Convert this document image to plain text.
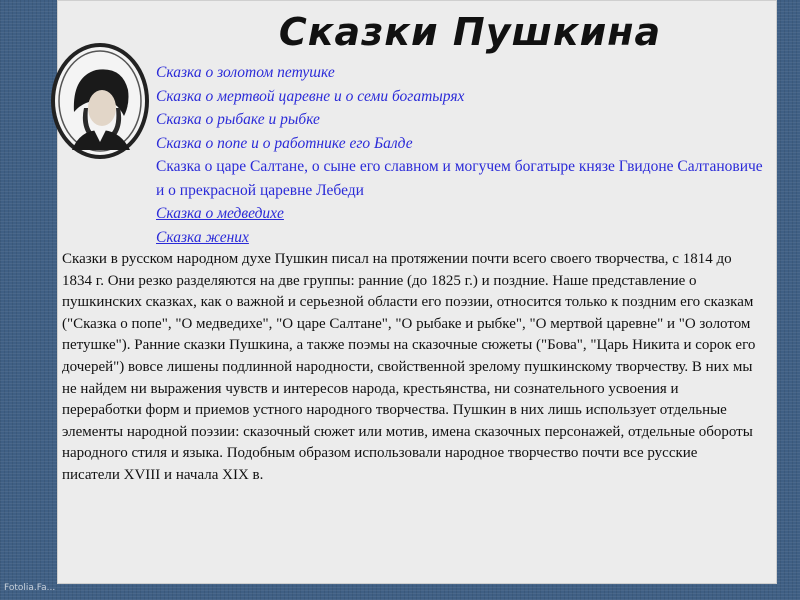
Сказки Пушкина
Сказка о золотом петушке
Сказка о мертвой царевне и о семи богатырях
Сказка о рыбаке и рыбке
Сказка о попе и о работнике его Балде
Сказка о царе Салтане, о сыне его славном и могучем богатыре князе Гвидоне Салтановиче и о прекрасной царевне Лебеди
Сказка о медведихе
Сказка жених

Сказки в русском народном духе Пушкин писал на протяжении почти всего своего творчества, с 1814 до 1834 г. Они резко разделяются на две группы: ранние (до 1825 г.) и поздние. Наше представление о пушкинских сказках, как о важной и серьезной области его поэзии, относится только к поздним его сказкам ("Сказка о попе", "О медведихе", "О царе Салтане", "О рыбаке и рыбке", "О мертвой царевне" и "О золотом петушке"). Ранние сказки Пушкина, а также поэмы на сказочные сюжеты ("Бова", "Царь Никита и сорок его дочерей") вовсе лишены подлинной народности, свойственной зрелому пушкинскому творчеству. В них мы не найдем ни выражения чувств и интересов народа, крестьянства, ни сознательного усвоения и переработки форм и приемов устного народного творчества. Пушкин в них лишь использует отдельные элементы народной поэзии: сказочный сюжет или мотив, имена сказочных персонажей, отдельные обороты народного стиля и языка. Подобным образом использовали народное творчество почти все русские писатели XVIII и начала XIX в.

Fotolia.Fa...
